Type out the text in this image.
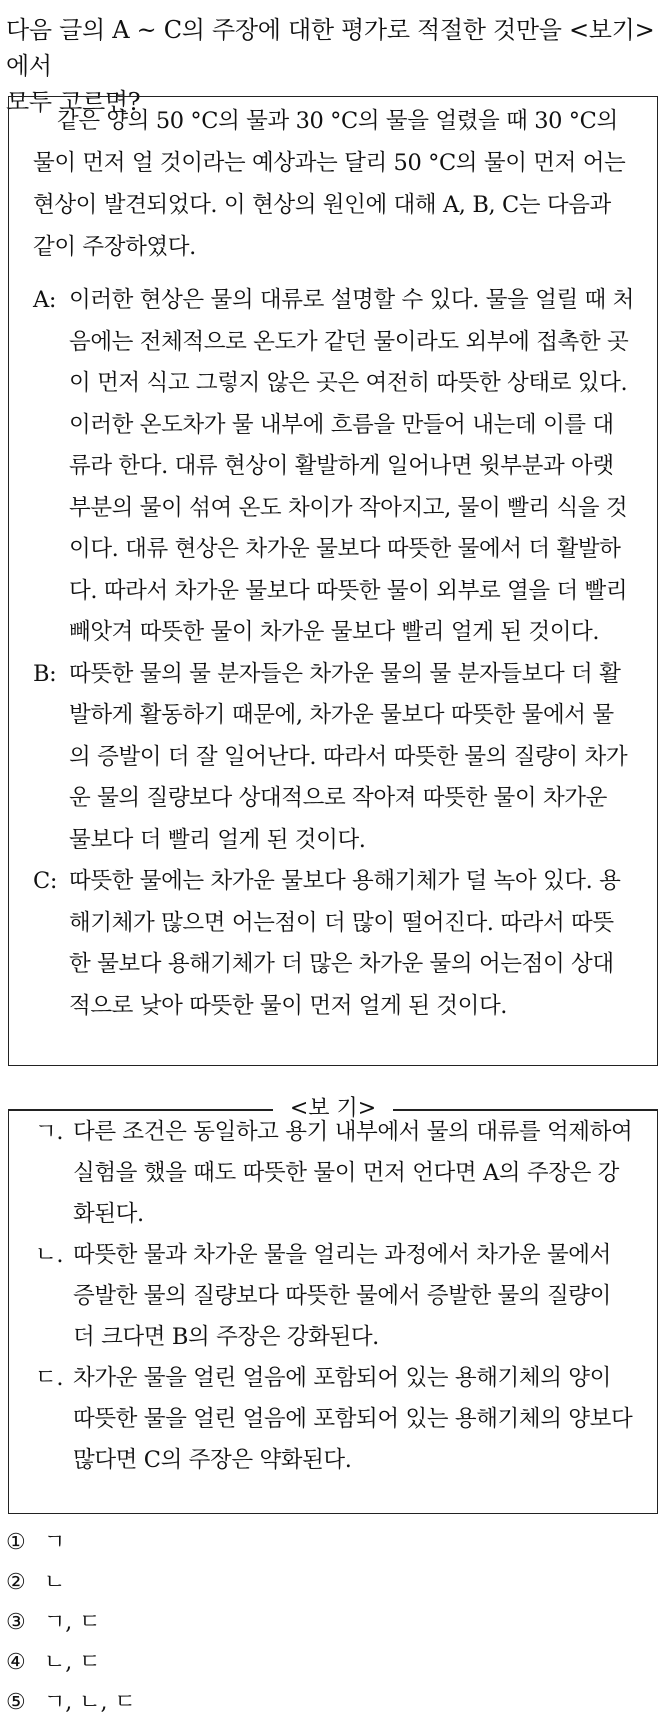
다음 글의 A ~ C의 주장에 대한 평가로 적절한 것만을 <보기>에서

모두 고르면?

같은 양의 50 °C의 물과 30 °C의 물을 얼렸을 때 30 °C의 물이 먼저 얼 것이라는 예상과는 달리 50 °C의 물이 먼저 어는 현상이 발견되었다. 이 현상의 원인에 대해 A, B, C는 다음과 같이 주장하였다.

A: 이러한 현상은 물의 대류로 설명할 수 있다. 물을 얼릴 때 처음에는 전체적으로 온도가 같던 물이라도 외부에 접촉한 곳이 먼저 식고 그렇지 않은 곳은 여전히 따뜻한 상태로 있다. 이러한 온도차가 물 내부에 흐름을 만들어 내는데 이를 대류라 한다. 대류 현상이 활발하게 일어나면 윗부분과 아랫부분의 물이 섞여 온도 차이가 작아지고, 물이 빨리 식을 것이다. 대류 현상은 차가운 물보다 따뜻한 물에서 더 활발하다. 따라서 차가운 물보다 따뜻한 물이 외부로 열을 더 빨리 빼앗겨 따뜻한 물이 차가운 물보다 빨리 얼게 된 것이다.
B: 따뜻한 물의 물 분자들은 차가운 물의 물 분자들보다 더 활발하게 활동하기 때문에, 차가운 물보다 따뜻한 물에서 물의 증발이 더 잘 일어난다. 따라서 따뜻한 물의 질량이 차가운 물의 질량보다 상대적으로 작아져 따뜻한 물이 차가운 물보다 더 빨리 얼게 된 것이다.
C: 따뜻한 물에는 차가운 물보다 용해기체가 덜 녹아 있다. 용해기체가 많으면 어는점이 더 많이 떨어진다. 따라서 따뜻한 물보다 용해기체가 더 많은 차가운 물의 어는점이 상대적으로 낮아 따뜻한 물이 먼저 얼게 된 것이다.
<보 기>
ㄱ. 다른 조건은 동일하고 용기 내부에서 물의 대류를 억제하여 실험을 했을 때도 따뜻한 물이 먼저 언다면 A의 주장은 강화된다.
ㄴ. 따뜻한 물과 차가운 물을 얼리는 과정에서 차가운 물에서 증발한 물의 질량보다 따뜻한 물에서 증발한 물의 질량이 더 크다면 B의 주장은 강화된다.
ㄷ. 차가운 물을 얼린 얼음에 포함되어 있는 용해기체의 양이 따뜻한 물을 얼린 얼음에 포함되어 있는 용해기체의 양보다 많다면 C의 주장은 약화된다.
① ㄱ
② ㄴ
③ ㄱ, ㄷ
④ ㄴ, ㄷ
⑤ ㄱ, ㄴ, ㄷ
